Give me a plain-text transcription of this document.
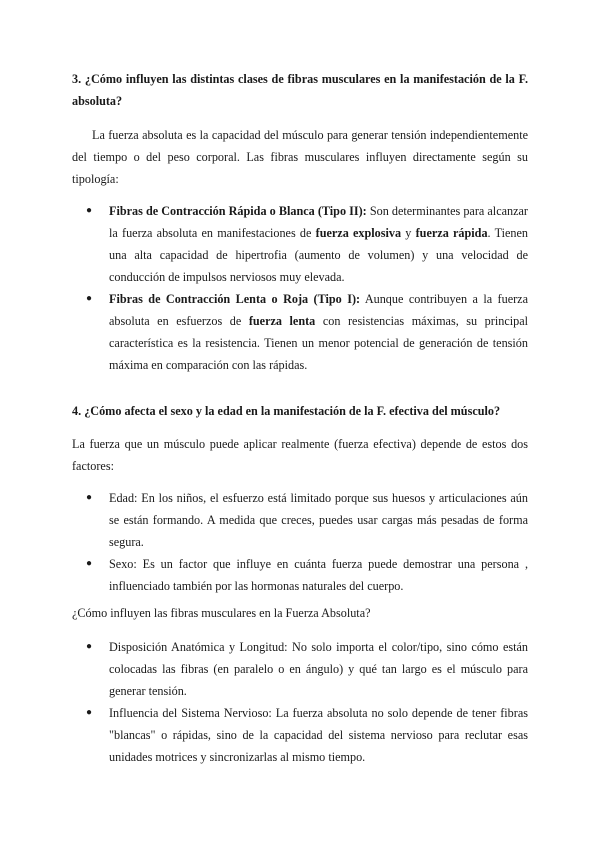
3. ¿Cómo influyen las distintas clases de fibras musculares en la manifestación de la F. absoluta?
La fuerza absoluta es la capacidad del músculo para generar tensión independientemente del tiempo o del peso corporal. Las fibras musculares influyen directamente según su tipología:
● Fibras de Contracción Rápida o Blanca (Tipo II): Son determinantes para alcanzar la fuerza absoluta en manifestaciones de fuerza explosiva y fuerza rápida. Tienen una alta capacidad de hipertrofia (aumento de volumen) y una velocidad de conducción de impulsos nerviosos muy elevada.
● Fibras de Contracción Lenta o Roja (Tipo I): Aunque contribuyen a la fuerza absoluta en esfuerzos de fuerza lenta con resistencias máximas, su principal característica es la resistencia. Tienen un menor potencial de generación de tensión máxima en comparación con las rápidas.
4. ¿Cómo afecta el sexo y la edad en la manifestación de la F. efectiva del músculo?
La fuerza que un músculo puede aplicar realmente (fuerza efectiva) depende de estos dos factores:
● Edad: En los niños, el esfuerzo está limitado porque sus huesos y articulaciones aún se están formando. A medida que creces, puedes usar cargas más pesadas de forma segura.
● Sexo: Es un factor que influye en cuánta fuerza puede demostrar una persona , influenciado también por las hormonas naturales del cuerpo.
¿Cómo influyen las fibras musculares en la Fuerza Absoluta?
● Disposición Anatómica y Longitud: No solo importa el color/tipo, sino cómo están colocadas las fibras (en paralelo o en ángulo) y qué tan largo es el músculo para generar tensión.
● Influencia del Sistema Nervioso: La fuerza absoluta no solo depende de tener fibras "blancas" o rápidas, sino de la capacidad del sistema nervioso para reclutar esas unidades motrices y sincronizarlas al mismo tiempo.
